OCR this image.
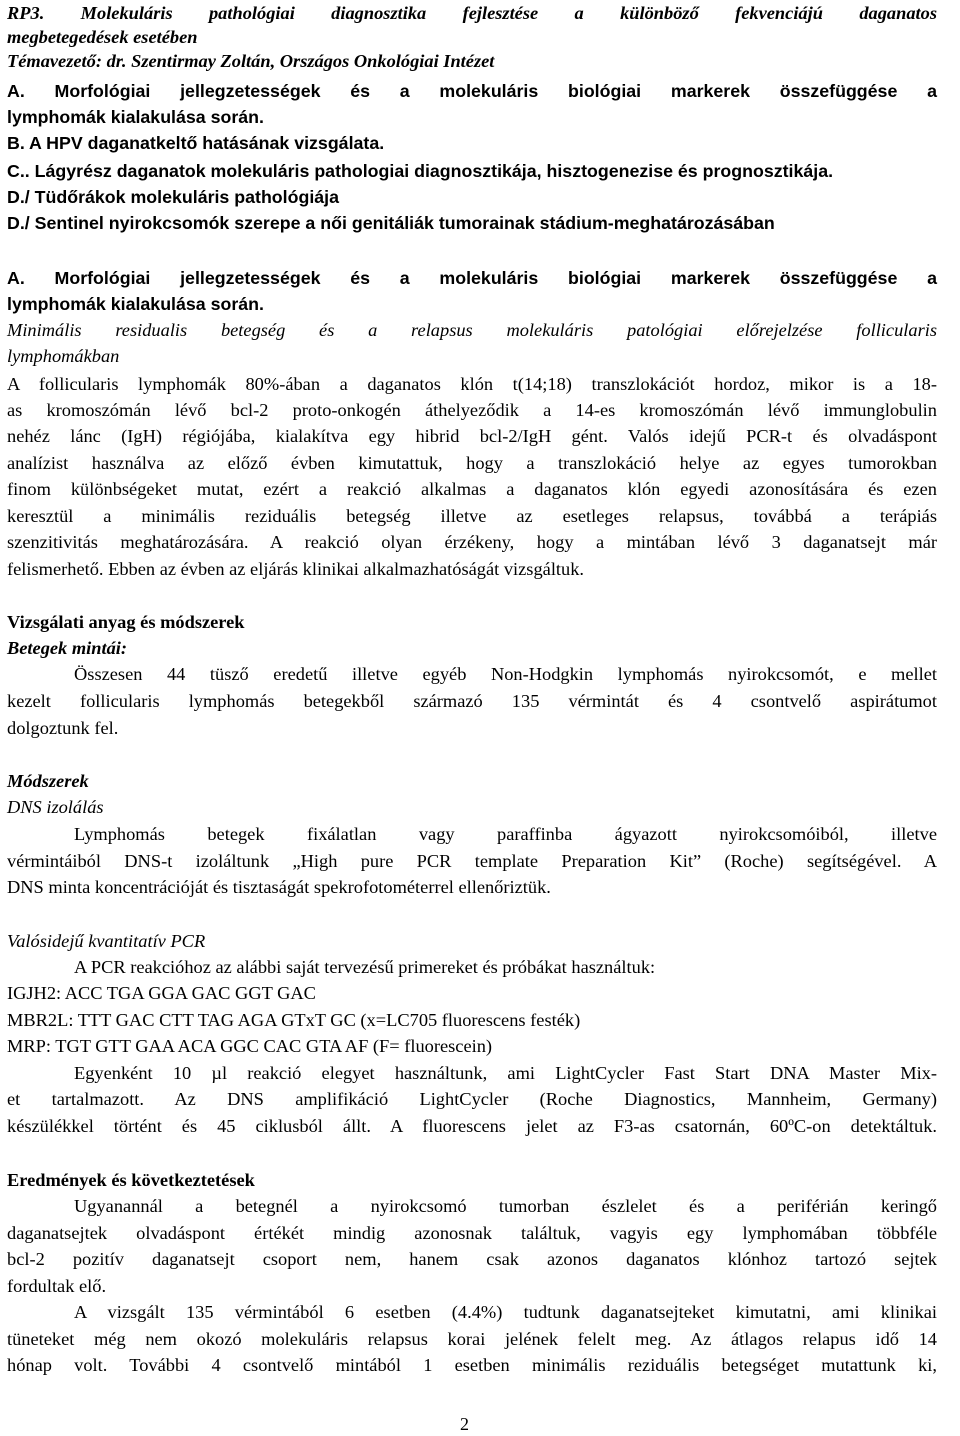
RP3. Molekuláris pathológiai diagnosztika fejlesztése a különböző fekvenciájú daganatos
megbetegedések esetében
Témavezető: dr. Szentirmay Zoltán, Országos Onkológiai Intézet
A. Morfológiai jellegzetességek és a molekuláris biológiai markerek összefüggése a
lymphomák kialakulása során.
B. A HPV daganatkeltő hatásának vizsgálata.
C.. Lágyrész daganatok molekuláris pathologiai diagnosztikája, hisztogenezise és prognosztikája.
D./ Tüdőrákok molekuláris pathológiája
D./ Sentinel nyirokcsomók szerepe a női genitáliák tumorainak stádium-meghatározásában
A. Morfológiai jellegzetességek és a molekuláris biológiai markerek összefüggése a
lymphomák kialakulása során.
Minimális residualis betegség és a relapsus molekuláris patológiai előrejelzése follicularis
lymphomákban
A follicularis lymphomák 80%-ában a daganatos klón t(14;18) transzlokációt hordoz, mikor is a 18-
as kromoszómán lévő bcl-2 proto-onkogén áthelyeződik a 14-es kromoszómán lévő immunglobulin
nehéz lánc (IgH) régiójába, kialakítva egy hibrid bcl-2/IgH gént. Valós idejű PCR-t és olvadáspont
analízist használva az előző évben kimutattuk, hogy a transzlokáció helye az egyes tumorokban
finom különbségeket mutat, ezért a reakció alkalmas a daganatos klón egyedi azonosítására és ezen
keresztül a minimális reziduális betegség illetve az esetleges relapsus, továbbá a terápiás
szenzitivitás meghatározására. A reakció olyan érzékeny, hogy a mintában lévő 3 daganatsejt már
felismerhető. Ebben az évben az eljárás klinikai alkalmazhatóságát vizsgáltuk.
Vizsgálati anyag és módszerek
Betegek mintái:
Összesen 44 tüsző eredetű illetve egyéb Non-Hodgkin lymphomás nyirokcsomót, e mellet
kezelt follicularis lymphomás betegekből származó 135 vérmintát és 4 csontvelő aspirátumot
dolgoztunk fel.
Módszerek
DNS izolálás
Lymphomás betegek fixálatlan vagy paraffinba ágyazott nyirokcsomóiból, illetve
vérmintáiból DNS-t izoláltunk „High pure PCR template Preparation Kit” (Roche) segítségével. A
DNS minta koncentrációját és tisztaságát spekrofotométerrel ellenőriztük.
Valósidejű kvantitatív PCR
A PCR reakcióhoz az alábbi saját tervezésű primereket és próbákat használtuk:
IGJH2: ACC TGA GGA GAC GGT GAC
MBR2L: TTT GAC CTT TAG AGA GTxT GC (x=LC705 fluorescens festék)
MRP: TGT GTT GAA ACA GGC CAC GTA AF (F= fluorescein)
Egyenként 10 µl reakció elegyet használtunk, ami LightCycler Fast Start DNA Master Mix-
et tartalmazott. Az DNS amplifikáció LightCycler (Roche Diagnostics, Mannheim, Germany)
készülékkel történt és 45 ciklusból állt. A fluorescens jelet az F3-as csatornán, 60ºC-on detektáltuk.
Eredmények és következtetések
Ugyanannál a betegnél a nyirokcsomó tumorban észlelet és a periférián keringő
daganatsejtek olvadáspont értékét mindig azonosnak találtuk, vagyis egy lymphomában többféle
bcl-2 pozitív daganatsejt csoport nem, hanem csak azonos daganatos klónhoz tartozó sejtek
fordultak elő.
A vizsgált 135 vérmintából 6 esetben (4.4%) tudtunk daganatsejteket kimutatni, ami klinikai
tüneteket még nem okozó molekuláris relapsus korai jelének felelt meg. Az átlagos relapus idő 14
hónap volt. További 4 csontvelő mintából 1 esetben minimális reziduális betegséget mutattunk ki,
2
